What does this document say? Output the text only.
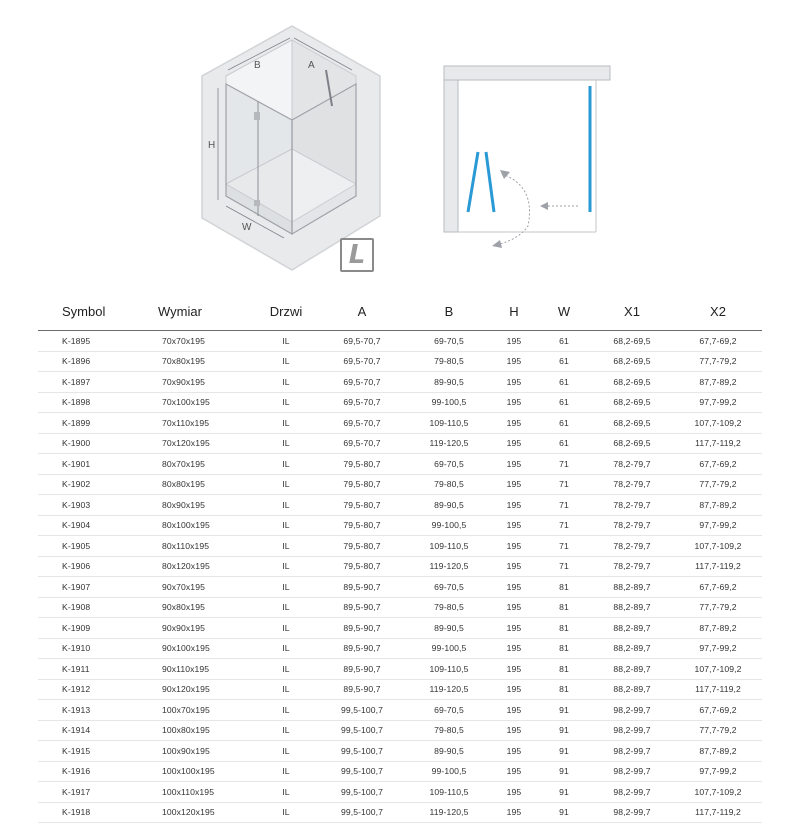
B	A
H
W
L
Symbol	Wymiar	Drzwi	A	B	H	W	X1	X2
K-1895	70x70x195	IL	69,5-70,7	69-70,5	195	61	68,2-69,5	67,7-69,2
K-1896	70x80x195	IL	69,5-70,7	79-80,5	195	61	68,2-69,5	77,7-79,2
K-1897	70x90x195	IL	69,5-70,7	89-90,5	195	61	68,2-69,5	87,7-89,2
K-1898	70x100x195	IL	69,5-70,7	99-100,5	195	61	68,2-69,5	97,7-99,2
K-1899	70x110x195	IL	69,5-70,7	109-110,5	195	61	68,2-69,5	107,7-109,2
K-1900	70x120x195	IL	69,5-70,7	119-120,5	195	61	68,2-69,5	117,7-119,2
K-1901	80x70x195	IL	79,5-80,7	69-70,5	195	71	78,2-79,7	67,7-69,2
K-1902	80x80x195	IL	79,5-80,7	79-80,5	195	71	78,2-79,7	77,7-79,2
K-1903	80x90x195	IL	79,5-80,7	89-90,5	195	71	78,2-79,7	87,7-89,2
K-1904	80x100x195	IL	79,5-80,7	99-100,5	195	71	78,2-79,7	97,7-99,2
K-1905	80x110x195	IL	79,5-80,7	109-110,5	195	71	78,2-79,7	107,7-109,2
K-1906	80x120x195	IL	79,5-80,7	119-120,5	195	71	78,2-79,7	117,7-119,2
K-1907	90x70x195	IL	89,5-90,7	69-70,5	195	81	88,2-89,7	67,7-69,2
K-1908	90x80x195	IL	89,5-90,7	79-80,5	195	81	88,2-89,7	77,7-79,2
K-1909	90x90x195	IL	89,5-90,7	89-90,5	195	81	88,2-89,7	87,7-89,2
K-1910	90x100x195	IL	89,5-90,7	99-100,5	195	81	88,2-89,7	97,7-99,2
K-1911	90x110x195	IL	89,5-90,7	109-110,5	195	81	88,2-89,7	107,7-109,2
K-1912	90x120x195	IL	89,5-90,7	119-120,5	195	81	88,2-89,7	117,7-119,2
K-1913	100x70x195	IL	99,5-100,7	69-70,5	195	91	98,2-99,7	67,7-69,2
K-1914	100x80x195	IL	99,5-100,7	79-80,5	195	91	98,2-99,7	77,7-79,2
K-1915	100x90x195	IL	99,5-100,7	89-90,5	195	91	98,2-99,7	87,7-89,2
K-1916	100x100x195	IL	99,5-100,7	99-100,5	195	91	98,2-99,7	97,7-99,2
K-1917	100x110x195	IL	99,5-100,7	109-110,5	195	91	98,2-99,7	107,7-109,2
K-1918	100x120x195	IL	99,5-100,7	119-120,5	195	91	98,2-99,7	117,7-119,2
